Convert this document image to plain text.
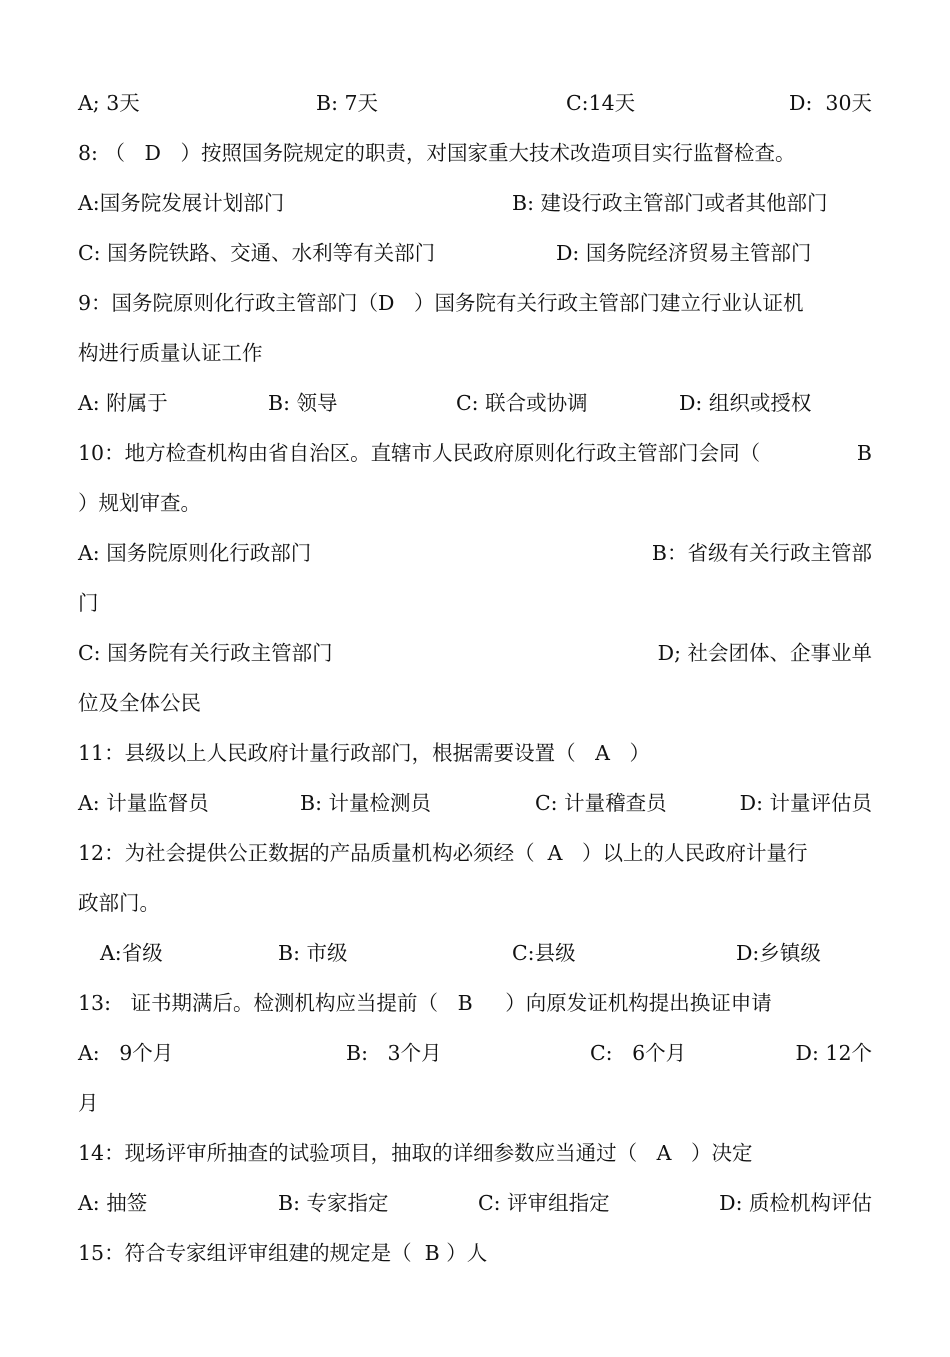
A; 3天

	B: 7天

	C:14天

	D:  30天

8: （   D   ）按照国务院规定的职责，对国家重大技术改造项目实行监督检查。

A:国务院发展计划部门

	B: 建设行政主管部门或者其他部门

C: 国务院铁路、交通、水利等有关部门

	D: 国务院经济贸易主管部门

9：国务院原则化行政主管部门（D   ）国务院有关行政主管部门建立行业认证机
构进行质量认证工作

A: 附属于

	B: 领导

	C: 联合或协调

	D: 组织或授权

10：地方检查机构由省自治区。直辖市人民政府原则化行政主管部门会同（

	B

）规划审查。

A: 国务院原则化行政部门

	B：省级有关行政主管部

门

C: 国务院有关行政主管部门

	D; 社会团体、企事业单

位及全体公民
11：县级以上人民政府计量行政部门，根据需要设置（   A   ）

A: 计量监督员

	B: 计量检测员

	C: 计量稽查员

	D: 计量评估员

12：为社会提供公正数据的产品质量机构必须经（  A   ）以上的人民政府计量行
政部门。

A:省级

	B: 市级

	C:县级

	D:乡镇级

13:   证书期满后。检测机构应当提前（   B     ）向原发证机构提出换证申请

A:   9个月

	B:   3个月

	C:   6个月

	D: 12个

月
14：现场评审所抽查的试验项目，抽取的详细参数应当通过（   A   ）决定

A: 抽签

	B: 专家指定

	C: 评审组指定

	D: 质检机构评估

15：符合专家组评审组建的规定是（  B ）人
